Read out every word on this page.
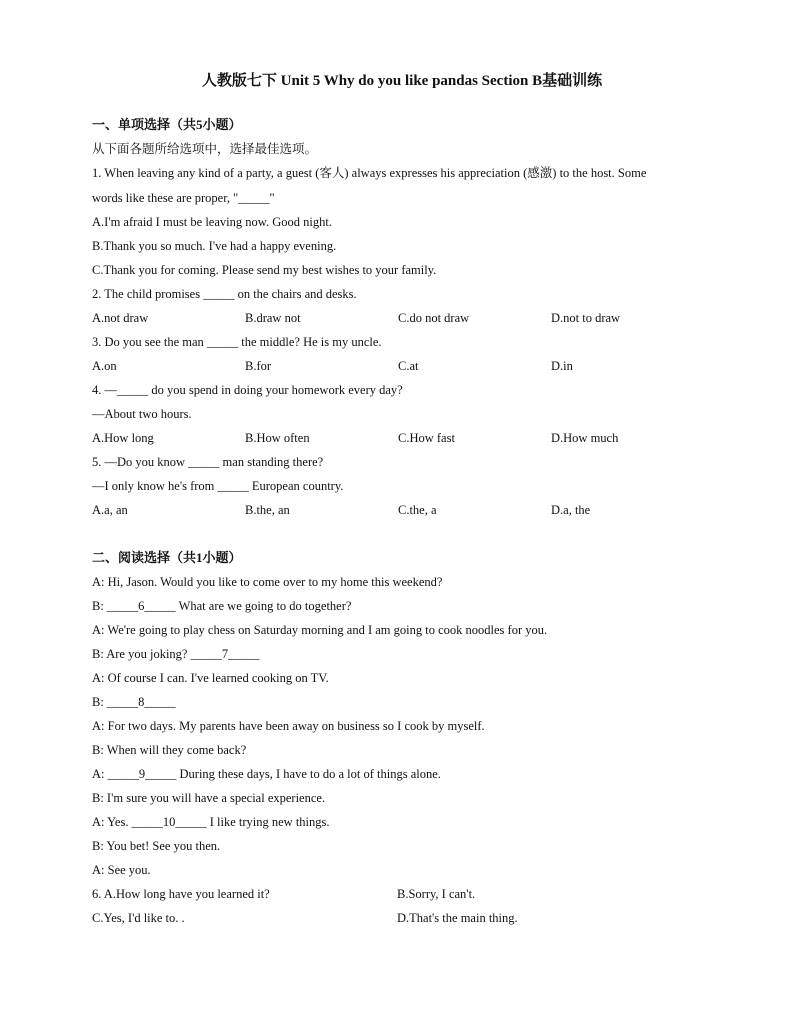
人教版七下 Unit 5 Why do you like pandas Section B基础训练
一、单项选择（共5小题）
从下面各题所给选项中，选择最佳选项。
1. When leaving any kind of a party, a guest (客人) always expresses his appreciation (感激) to the host. Some
words like these are proper, "_____"
A.I'm afraid I must be leaving now. Good night.
B.Thank you so much. I've had a happy evening.
C.Thank you for coming. Please send my best wishes to your family.
2. The child promises _____ on the chairs and desks.
A.not draw	B.draw not	C.do not draw	D.not to draw
3. Do you see the man _____ the middle? He is my uncle.
A.on	B.for	C.at	D.in
4. —_____ do you spend in doing your homework every day?
—About two hours.
A.How long	B.How often	C.How fast	D.How much
5. —Do you know _____ man standing there?
—I only know he's from _____ European country.
A.a, an	B.the, an	C.the, a	D.a, the
二、阅读选择（共1小题）
A: Hi, Jason. Would you like to come over to my home this weekend?
B: _____6_____ What are we going to do together?
A: We're going to play chess on Saturday morning and I am going to cook noodles for you.
B: Are you joking? _____7_____
A: Of course I can. I've learned cooking on TV.
B: _____8_____
A: For two days. My parents have been away on business so I cook by myself.
B: When will they come back?
A: _____9_____ During these days, I have to do a lot of things alone.
B: I'm sure you will have a special experience.
A: Yes. _____10_____ I like trying new things.
B: You bet! See you then.
A: See you.
6. A.How long have you learned it?	B.Sorry, I can't.
C.Yes, I'd like to. .	D.That's the main thing.
